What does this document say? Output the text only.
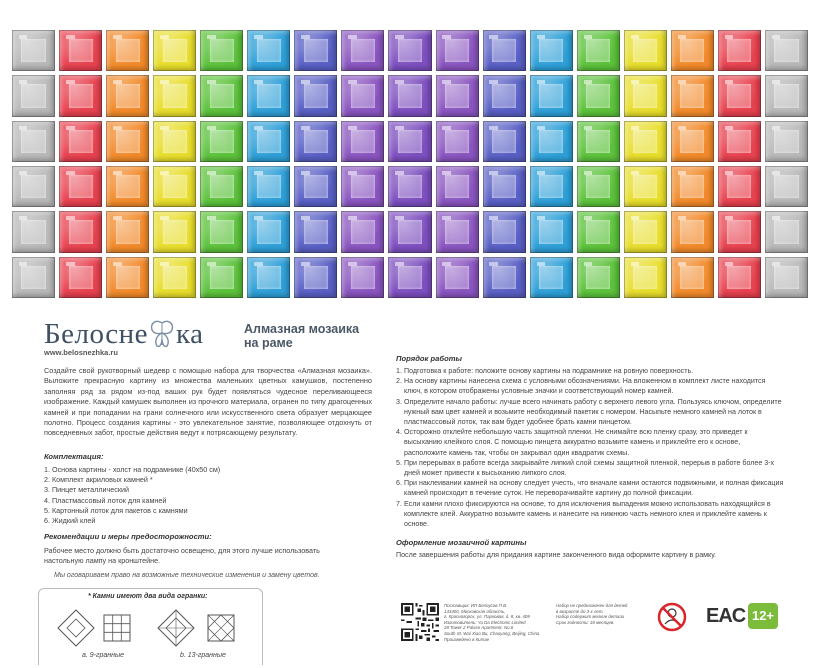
Белосне ка
www.belosnezhka.ru
Алмазная мозаика
на раме
Создайте свой рукотворный шедевр с помощью набора для творчества «Алмазная мозаика». Выложите прекрасную картину из множества маленьких цветных камушков, постепенно заполняя ряд за рядом из-под ваших рук будет появляться чудесное переливающееся изображение. Каждый камушек выполнен из прочного материала, огранен по типу драгоценных камней и при попадании на грани солнечного или искусственного света образует мерцающее полотно. Процесс создания картины - это увлекательное занятие, позволяющее отдохнуть от повседневных забот, простые действия ведут к потрясающему результату.
Комплектация:
1. Основа картины - холст на подрамнике (40х50 см)
2. Комплект акриловых камней *
3. Пинцет металлический
4. Пластмассовый лоток для камней
5. Картонный лоток для пакетов с камнями
6. Жидкий клей
Рекомендации и меры предосторожности:
Рабочее место должно быть достаточно освещено, для этого лучше использовать настольную лампу на кронштейне.
Мы оговариваем право на возможные технические изменения и замену цветов.
* Камни имеют два вида огранки:
a. 9-гранные	b. 13-гранные
Порядок работы
1. Подготовка к работе: положите основу картины на подрамнике на ровную поверхность.
2. На основу картины нанесена схема с условными обозначениями. На вложенном в комплект листе находится ключ, в котором отображены условные значки и соответствующий номер камней.
3. Определите начало работы: лучше всего начинать работу с верхнего левого угла. Пользуясь ключом, определите нужный вам цвет камней и возьмите необходимый пакетик с номером. Насыпьте немного камней на лоток в пластмассовый лоток, так вам будет удобнее брать камни пинцетом.
4. Осторожно отклейте небольшую часть защитной пленки. Не снимайте всю пленку сразу, это приведет к высыханию клейкого слоя. С помощью пинцета аккуратно возьмите камень и приклейте его к основе, расположите камень так, чтобы он закрывал один квадратик схемы.
5. При перерывах в работе всегда закрывайте липкий слой схемы защитной пленкой, перерыв в работе более 3-х дней может привести к высыханию липкого слоя.
6. При наклеивании камней на основу следует учесть, что вначале камни остаются подвижными, и полная фиксация камней происходит в течение суток. Не переворачивайте картину до полной фиксации.
7. Если камни плохо фиксируются на основе, то для исключения выпадения можно использовать находящийся в комплекте клей. Аккуратно возьмите камень и нанесите на нижнюю часть немного клея и приклейте камень к основе.
Оформление мозаичной картины
После завершения работы для придания картине законченного вида оформите картину в рамку.
Поставщик: ИП Белоусов П.В.
143400, Московская область,
г. Красногорск, ул. Парковая, д. 8, кв. 409
Изготовитель: Yu Da Electronic Limited
28 Tower 2 Palace Apartment, No.6
South St. Wai Xiao Bu, Chaoyang, Beijing, China
Произведено в Китае
Набор не предназначен для детей
в возрасте до 3-х лет.
Набор содержит мелкие детали
Срок годности: 18 месяцев.	EAC 12+
